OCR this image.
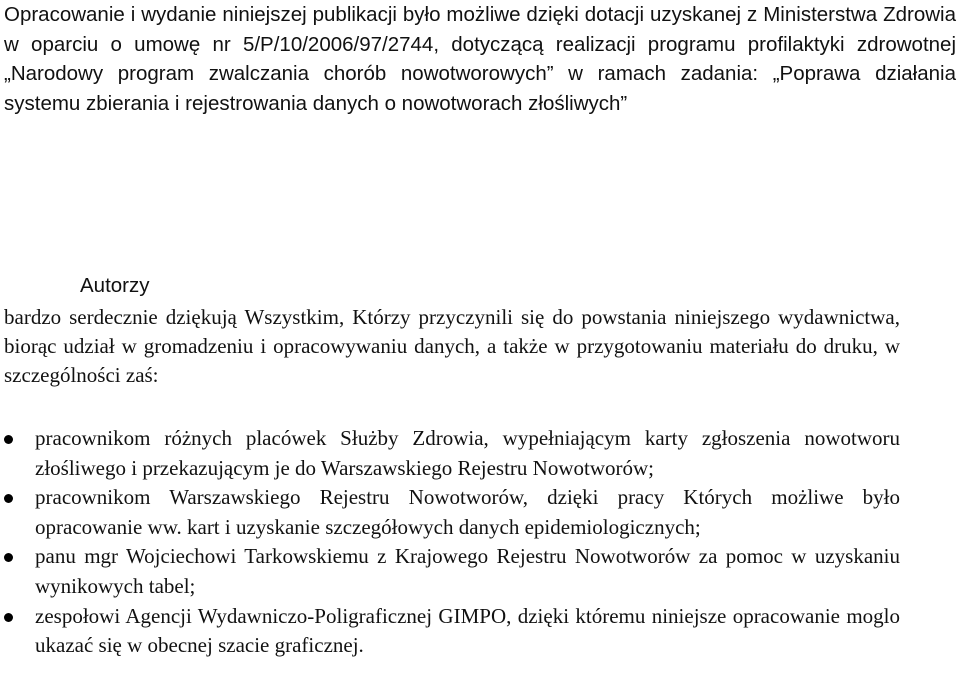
Opracowanie i wydanie niniejszej publikacji było możliwe dzięki dotacji uzyskanej z Ministerstwa Zdrowia w oparciu o umowę nr 5/P/10/2006/97/2744, dotyczącą realizacji programu profilaktyki zdrowotnej „Narodowy program zwalczania chorób nowotworowych” w ramach zadania: „Poprawa działania systemu zbierania i rejestrowania danych o nowotworach złośliwych”

Autorzy

bardzo serdecznie dziękują Wszystkim, Którzy przyczynili się do powstania niniejszego wydawnictwa, biorąc udział w gromadzeniu i opracowywaniu danych, a także w przygotowaniu materiału do druku, w szczególności zaś:

pracownikom różnych placówek Służby Zdrowia, wypełniającym karty zgłoszenia nowotworu złośliwego i przekazującym je do Warszawskiego Rejestru Nowotworów;
pracownikom Warszawskiego Rejestru Nowotworów, dzięki pracy Których możliwe było opracowanie ww. kart i uzyskanie szczegółowych danych epidemiologicznych;
panu mgr Wojciechowi Tarkowskiemu z Krajowego Rejestru Nowotworów za pomoc w uzyskaniu wynikowych tabel;
zespołowi Agencji Wydawniczo-Poligraficznej GIMPO, dzięki któremu niniejsze opracowanie moglo ukazać się w obecnej szacie graficznej.
